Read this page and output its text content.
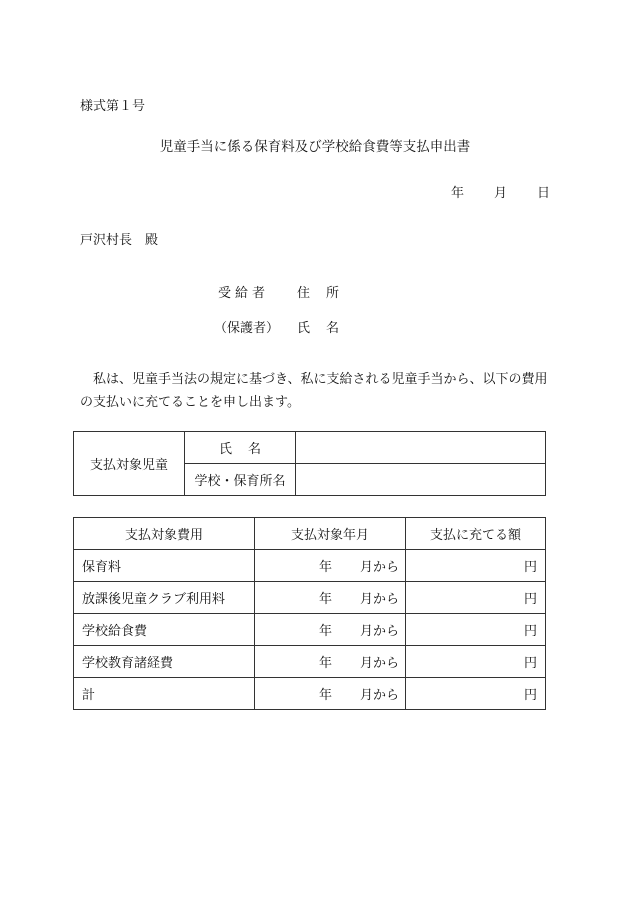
様式第１号
児童手当に係る保育料及び学校給食費等支払申出書
年 月 日
戸沢村長　殿
受給者 住 所
（保護者） 氏 名
私は、児童手当法の規定に基づき、私に支給される児童手当から、以下の費用の支払いに充てることを申し出ます。
支払対象児童	氏 名	
	学校・保育所名	
支払対象費用	支払対象年月	支払に充てる額
保育料	年 月から	円
放課後児童クラブ利用料	年 月から	円
学校給食費	年 月から	円
学校教育諸経費	年 月から	円
計	年 月から	円
